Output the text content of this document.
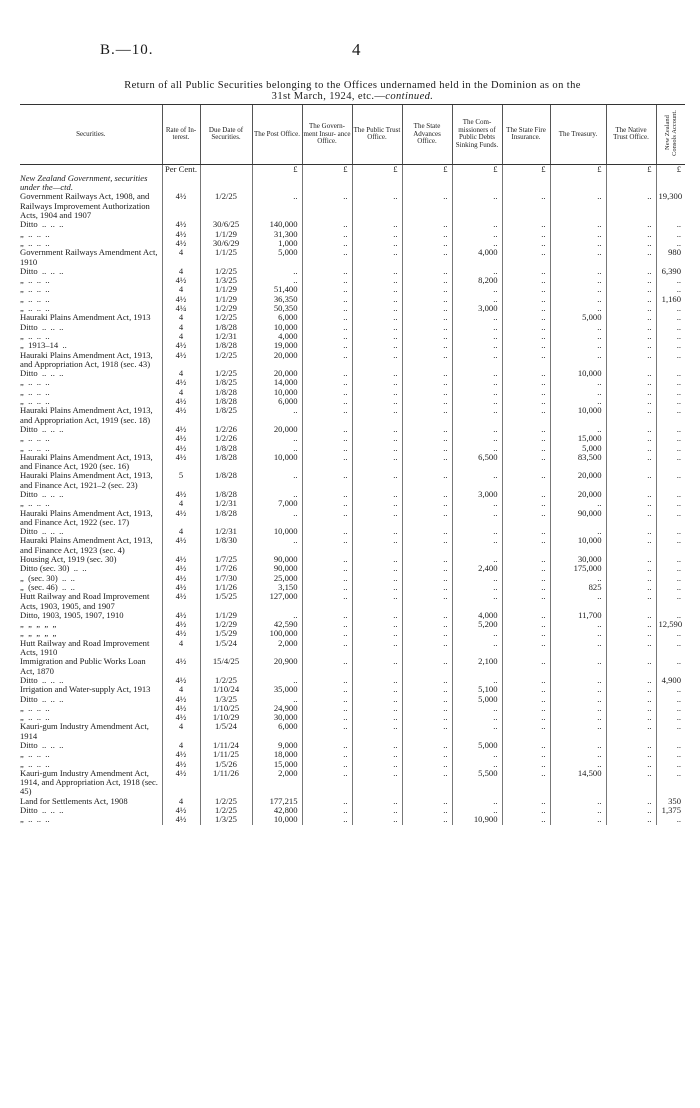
B.—10.	4
Return of all Public Securities belonging to the Offices undernamed held in the Dominion as on the
31st March, 1924, etc.—continued.
Securities.	Rate of In- terest.	Due Date of Securities.	The Post Office.	The Govern- ment Insur- ance Office.	The Public Trust Office.	The State Advances Office.	The Com- missioners of Public Debts Sinking Funds.	The State Fire Insurance.	The Treasury.	The Native Trust Office.	New Zealand Consols Account.
	Per Cent.		£	£	£	£	£	£	£	£	£
New Zealand Government, securities under the—ctd.											
Government Railways Act, 1908, and Railways Improvement Authorization Acts, 1904 and 1907	4½	1/2/25	..	..	..	..	..	..	..	..	19,300
Ditto  ..  ..  ..	4½	30/6/25	140,000	..	..	..	..	..	..	..	..
„  ..  ..  ..	4½	1/1/29	31,300	..	..	..	..	..	..	..	..
„  ..  ..  ..	4½	30/6/29	1,000	..	..	..	..	..	..	..	..
Government Railways Amendment Act, 1910	4	1/1/25	5,000	..	..	..	4,000	..	..	..	980
Ditto  ..  ..  ..	4	1/2/25	..	..	..	..	..	..	..	..	6,390
„  ..  ..  ..	4½	1/3/25	..	..	..	..	8,200	..	..	..	..
„  ..  ..  ..	4	1/1/29	51,400	..	..	..	..	..	..	..	..
„  ..  ..  ..	4½	1/1/29	36,350	..	..	..	..	..	..	..	1,160
„  ..  ..  ..	4¼	1/2/29	50,350	..	..	..	3,000	..	..	..	..
Hauraki Plains Amendment Act, 1913	4	1/2/25	6,000	..	..	..	..	..	5,000	..	..
Ditto  ..  ..  ..	4	1/8/28	10,000	..	..	..	..	..	..	..	..
„  ..  ..  ..	4	1/2/31	4,000	..	..	..	..	..	..	..	..
„  1913–14  ..	4½	1/8/28	19,000	..	..	..	..	..	..	..	..
Hauraki Plains Amendment Act, 1913, and Appropriation Act, 1918 (sec. 43)	4½	1/2/25	20,000	..	..	..	..	..	..	..	..
Ditto  ..  ..  ..	4	1/2/25	20,000	..	..	..	..	..	10,000	..	..
„  ..  ..  ..	4½	1/8/25	14,000	..	..	..	..	..	..	..	..
„  ..  ..  ..	4	1/8/28	10,000	..	..	..	..	..	..	..	..
„  ..  ..  ..	4½	1/8/28	6,000	..	..	..	..	..	..	..	..
Hauraki Plains Amendment Act, 1913, and Appropriation Act, 1919 (sec. 18)	4½	1/8/25	..	..	..	..	..	..	10,000	..	..
Ditto  ..  ..  ..	4½	1/2/26	20,000	..	..	..	..	..	..	..	..
„  ..  ..  ..	4½	1/2/26	..	..	..	..	..	..	15,000	..	..
„  ..  ..  ..	4½	1/8/28	..	..	..	..	..	..	5,000	..	..
Hauraki Plains Amendment Act, 1913, and Finance Act, 1920 (sec. 16)	4½	1/8/28	10,000	..	..	..	6,500	..	83,500	..	..
Hauraki Plains Amendment Act, 1913, and Finance Act, 1921–2 (sec. 23)	5	1/8/28	..	..	..	..	..	..	20,000	..	..
Ditto  ..  ..  ..	4½	1/8/28	..	..	..	..	3,000	..	20,000	..	..
„  ..  ..  ..	4	1/2/31	7,000	..	..	..	..	..	..	..	..
Hauraki Plains Amendment Act, 1913, and Finance Act, 1922 (sec. 17)	4½	1/8/28	..	..	..	..	..	..	90,000	..	..
Ditto  ..  ..  ..	4	1/2/31	10,000	..	..	..	..	..	..	..	..
Hauraki Plains Amendment Act, 1913, and Finance Act, 1923 (sec. 4)	4½	1/8/30	..	..	..	..	..	..	10,000	..	..
Housing Act, 1919 (sec. 30)	4½	1/7/25	90,000	..	..	..	..	..	30,000	..	..
Ditto (sec. 30)  ..  ..	4½	1/7/26	90,000	..	..	..	2,400	..	175,000	..	..
„  (sec. 30)  ..  ..	4½	1/7/30	25,000	..	..	..	..	..	..	..	..
„  (sec. 46)  ..  ..	4½	1/1/26	3,150	..	..	..	..	..	825	..	..
Hutt Railway and Road Improvement Acts, 1903, 1905, and 1907	4½	1/5/25	127,000	..	..	..	..	..	..	..	..
Ditto, 1903, 1905, 1907, 1910	4½	1/1/29	..	..	..	..	4,000	..	11,700	..	..
„  „  „  „  „	4½	1/2/29	42,590	..	..	..	5,200	..	..	..	12,590
„  „  „  „  „	4½	1/5/29	100,000	..	..	..	..	..	..	..	..
Hutt Railway and Road Improvement Acts, 1910	4	1/5/24	2,000	..	..	..	..	..	..	..	..
Immigration and Public Works Loan Act, 1870	4½	15/4/25	20,900	..	..	..	2,100	..	..	..	..
Ditto  ..  ..  ..	4½	1/2/25	..	..	..	..	..	..	..	..	4,900
Irrigation and Water-supply Act, 1913	4	1/10/24	35,000	..	..	..	5,100	..	..	..	..
Ditto  ..  ..  ..	4½	1/3/25	..	..	..	..	5,000	..	..	..	..
„  ..  ..  ..	4½	1/10/25	24,900	..	..	..	..	..	..	..	..
„  ..  ..  ..	4½	1/10/29	30,000	..	..	..	..	..	..	..	..
Kauri-gum Industry Amendment Act, 1914	4	1/5/24	6,000	..	..	..	..	..	..	..	..
Ditto  ..  ..  ..	4	1/11/24	9,000	..	..	..	5,000	..	..	..	..
„  ..  ..  ..	4½	1/11/25	18,000	..	..	..	..	..	..	..	..
„  ..  ..  ..	4½	1/5/26	15,000	..	..	..	..	..	..	..	..
Kauri-gum Industry Amendment Act, 1914, and Appropriation Act, 1918 (sec. 45)	4½	1/11/26	2,000	..	..	..	5,500	..	14,500	..	..
Land for Settlements Act, 1908	4	1/2/25	177,215	..	..	..	..	..	..	..	350
Ditto  ..  ..  ..	4½	1/2/25	42,800	..	..	..	..	..	..	..	1,375
„  ..  ..  ..	4½	1/3/25	10,000	..	..	..	10,900	..	..	..	..
